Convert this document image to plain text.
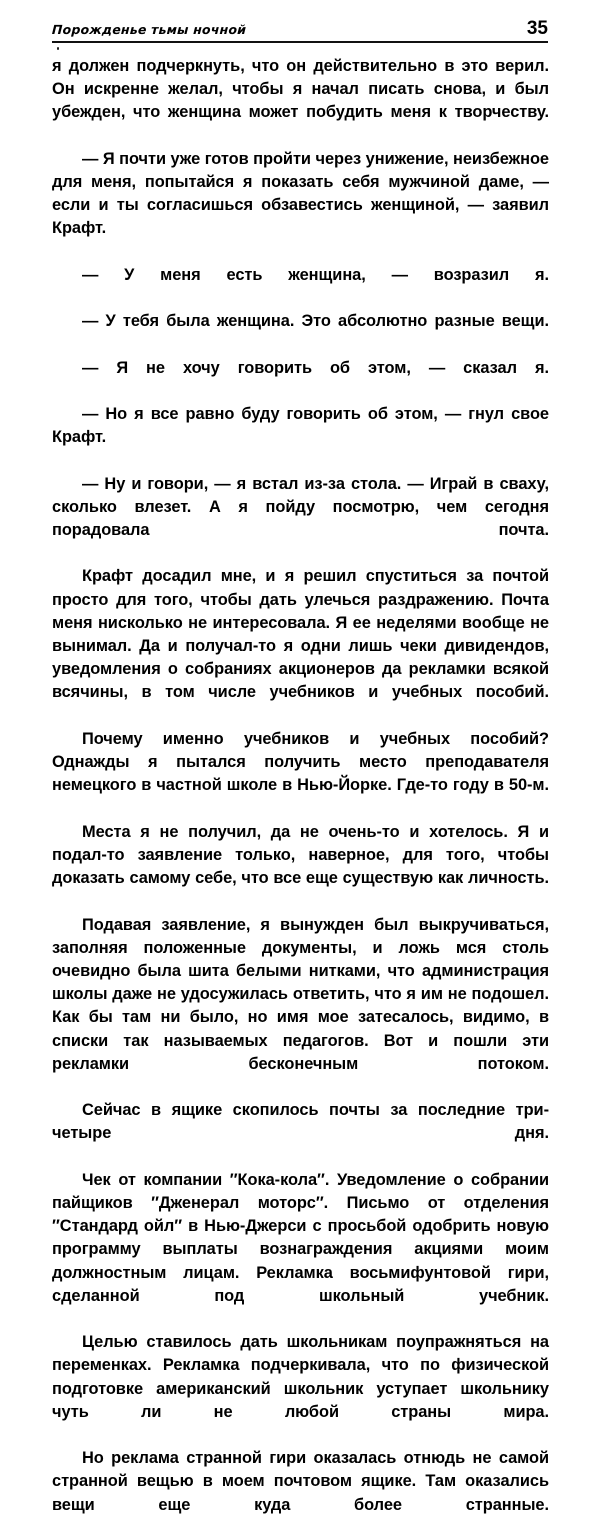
Порожденье тьмы ночной	35

я должен подчеркнуть, что он действительно в это верил. Он искренне желал, чтобы я начал писать снова, и был убежден, что женщина может побудить меня к творчеству.

— Я почти уже готов пройти через унижение, неизбежное для меня, попытайся я показать себя мужчиной даме, — если и ты согласишься обзавестись женщиной, — заявил Крафт.

— У меня есть женщина, — возразил я.

— У тебя была женщина. Это абсолютно разные вещи.

— Я не хочу говорить об этом, — сказал я.

— Но я все равно буду говорить об этом, — гнул свое Крафт.

— Ну и говори, — я встал из-за стола. — Играй в сваху, сколько влезет. А я пойду посмотрю, чем сегодня порадовала почта.

Крафт досадил мне, и я решил спуститься за почтой просто для того, чтобы дать улечься раздражению. Почта меня нисколько не интересовала. Я ее неделями вообще не вынимал. Да и получал-то я одни лишь чеки дивидендов, уведомления о собраниях акционеров да рекламки всякой всячины, в том числе учебников и учебных пособий.

Почему именно учебников и учебных пособий? Однажды я пытался получить место преподавателя немецкого в частной школе в Нью-Йорке. Где-то году в 50-м.

Места я не получил, да не очень-то и хотелось. Я и подал-то заявление только, наверное, для того, чтобы доказать самому себе, что все еще существую как личность.

Подавая заявление, я вынужден был выкручиваться, заполняя положенные документы, и ложь мся столь очевидно была шита белыми нитками, что администрация школы даже не удосужилась ответить, что я им не подошел. Как бы там ни было, но имя мое затесалось, видимо, в списки так называемых педагогов. Вот и пошли эти рекламки бесконечным потоком.

Сейчас в ящике скопилось почты за последние три-четыре дня.

Чек от компании ″Кока-кола″. Уведомление о собрании пайщиков ″Дженерал моторс″. Письмо от отделения ″Стандард ойл″ в Нью-Джерси с просьбой одобрить новую программу выплаты вознаграждения акциями моим должностным лицам. Рекламка восьмифунтовой гири, сделанной под школьный учебник.

Целью ставилось дать школьникам поупражняться на переменках. Рекламка подчеркивала, что по физической подготовке американский школьник уступает школьнику чуть ли не любой страны мира.

Но реклама странной гири оказалась отнюдь не самой странной вещью в моем почтовом ящике. Там оказались вещи еще куда более странные.
